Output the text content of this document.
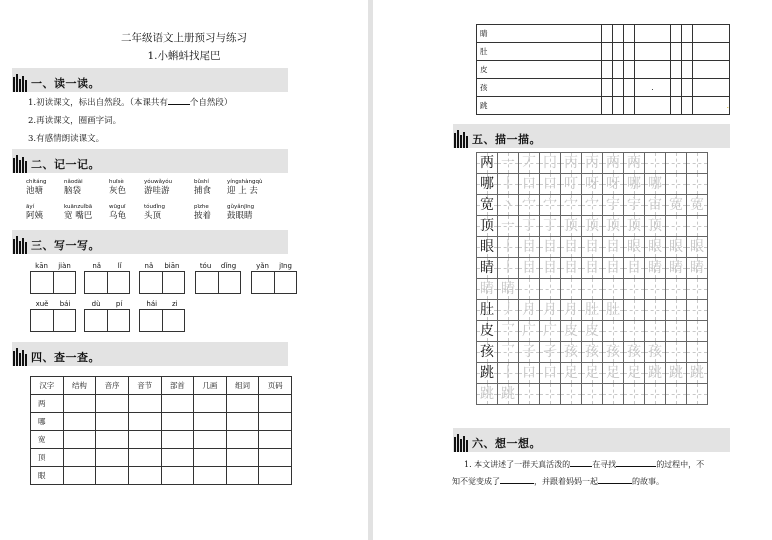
二年级语文上册预习与练习
1.小蝌蚪找尾巴
一、读一读。
1.初读课文，标出自然段。（本课共有	个自然段）
2.再读课文，圈画字词。
3.有感情朗读课文。
二、记一记。
chítáng
池塘
nǎodài
脑袋
huīsè
灰色
yóuwǎyóu
游哇游
bǔshí
捕食
yíngshàngqù
迎 上 去
āyí
阿姨
kuānzuǐbā
宽 嘴巴
wūguī
乌龟
tóudǐng
头顶
pīzhe
披着
gǔyǎnjīng
鼓眼睛
三、写一写。
kān jiàn	nǎ lǐ	nǎ biān	tóu dǐng	yǎn jīng
xuě bái	dù pí	hái zi
四、查一查。
汉字	结构	音序	音节	部首	几画	组词	页码
两							
哪							
宽							
顶							
眼							
睛							
肚							
皮							
孩				.			
跳							.
五、描一描。
两 一 丆 冂 丙 丙 两 两
哪 丨 口 口 叮 呀 呀 哪 哪
宽 丶 宀 宀 宀 宀 宁 宁 宙 宽 宽
顶 一 丁 丁 顶 顶 顶 顶 顶
眼 丨 目 目 目 目 目 眼 眼 眼 眼
睛 丨 目 目 目 目 目 目 睛 睛 睛
睛 睛
肚 丿 月 月 月 肚 肚
皮 乛 广 广 皮 皮
孩 乛 子 孑 孩 孩 孩 孩 孩
跳 丨 口 口 足 足 足 足 跳 跳 跳
跳 跳
六、想一想。
1. 本文讲述了一群天真活泼的	在寻找	的过程中，不
知不觉变成了	，并跟着妈妈一起	的故事。
